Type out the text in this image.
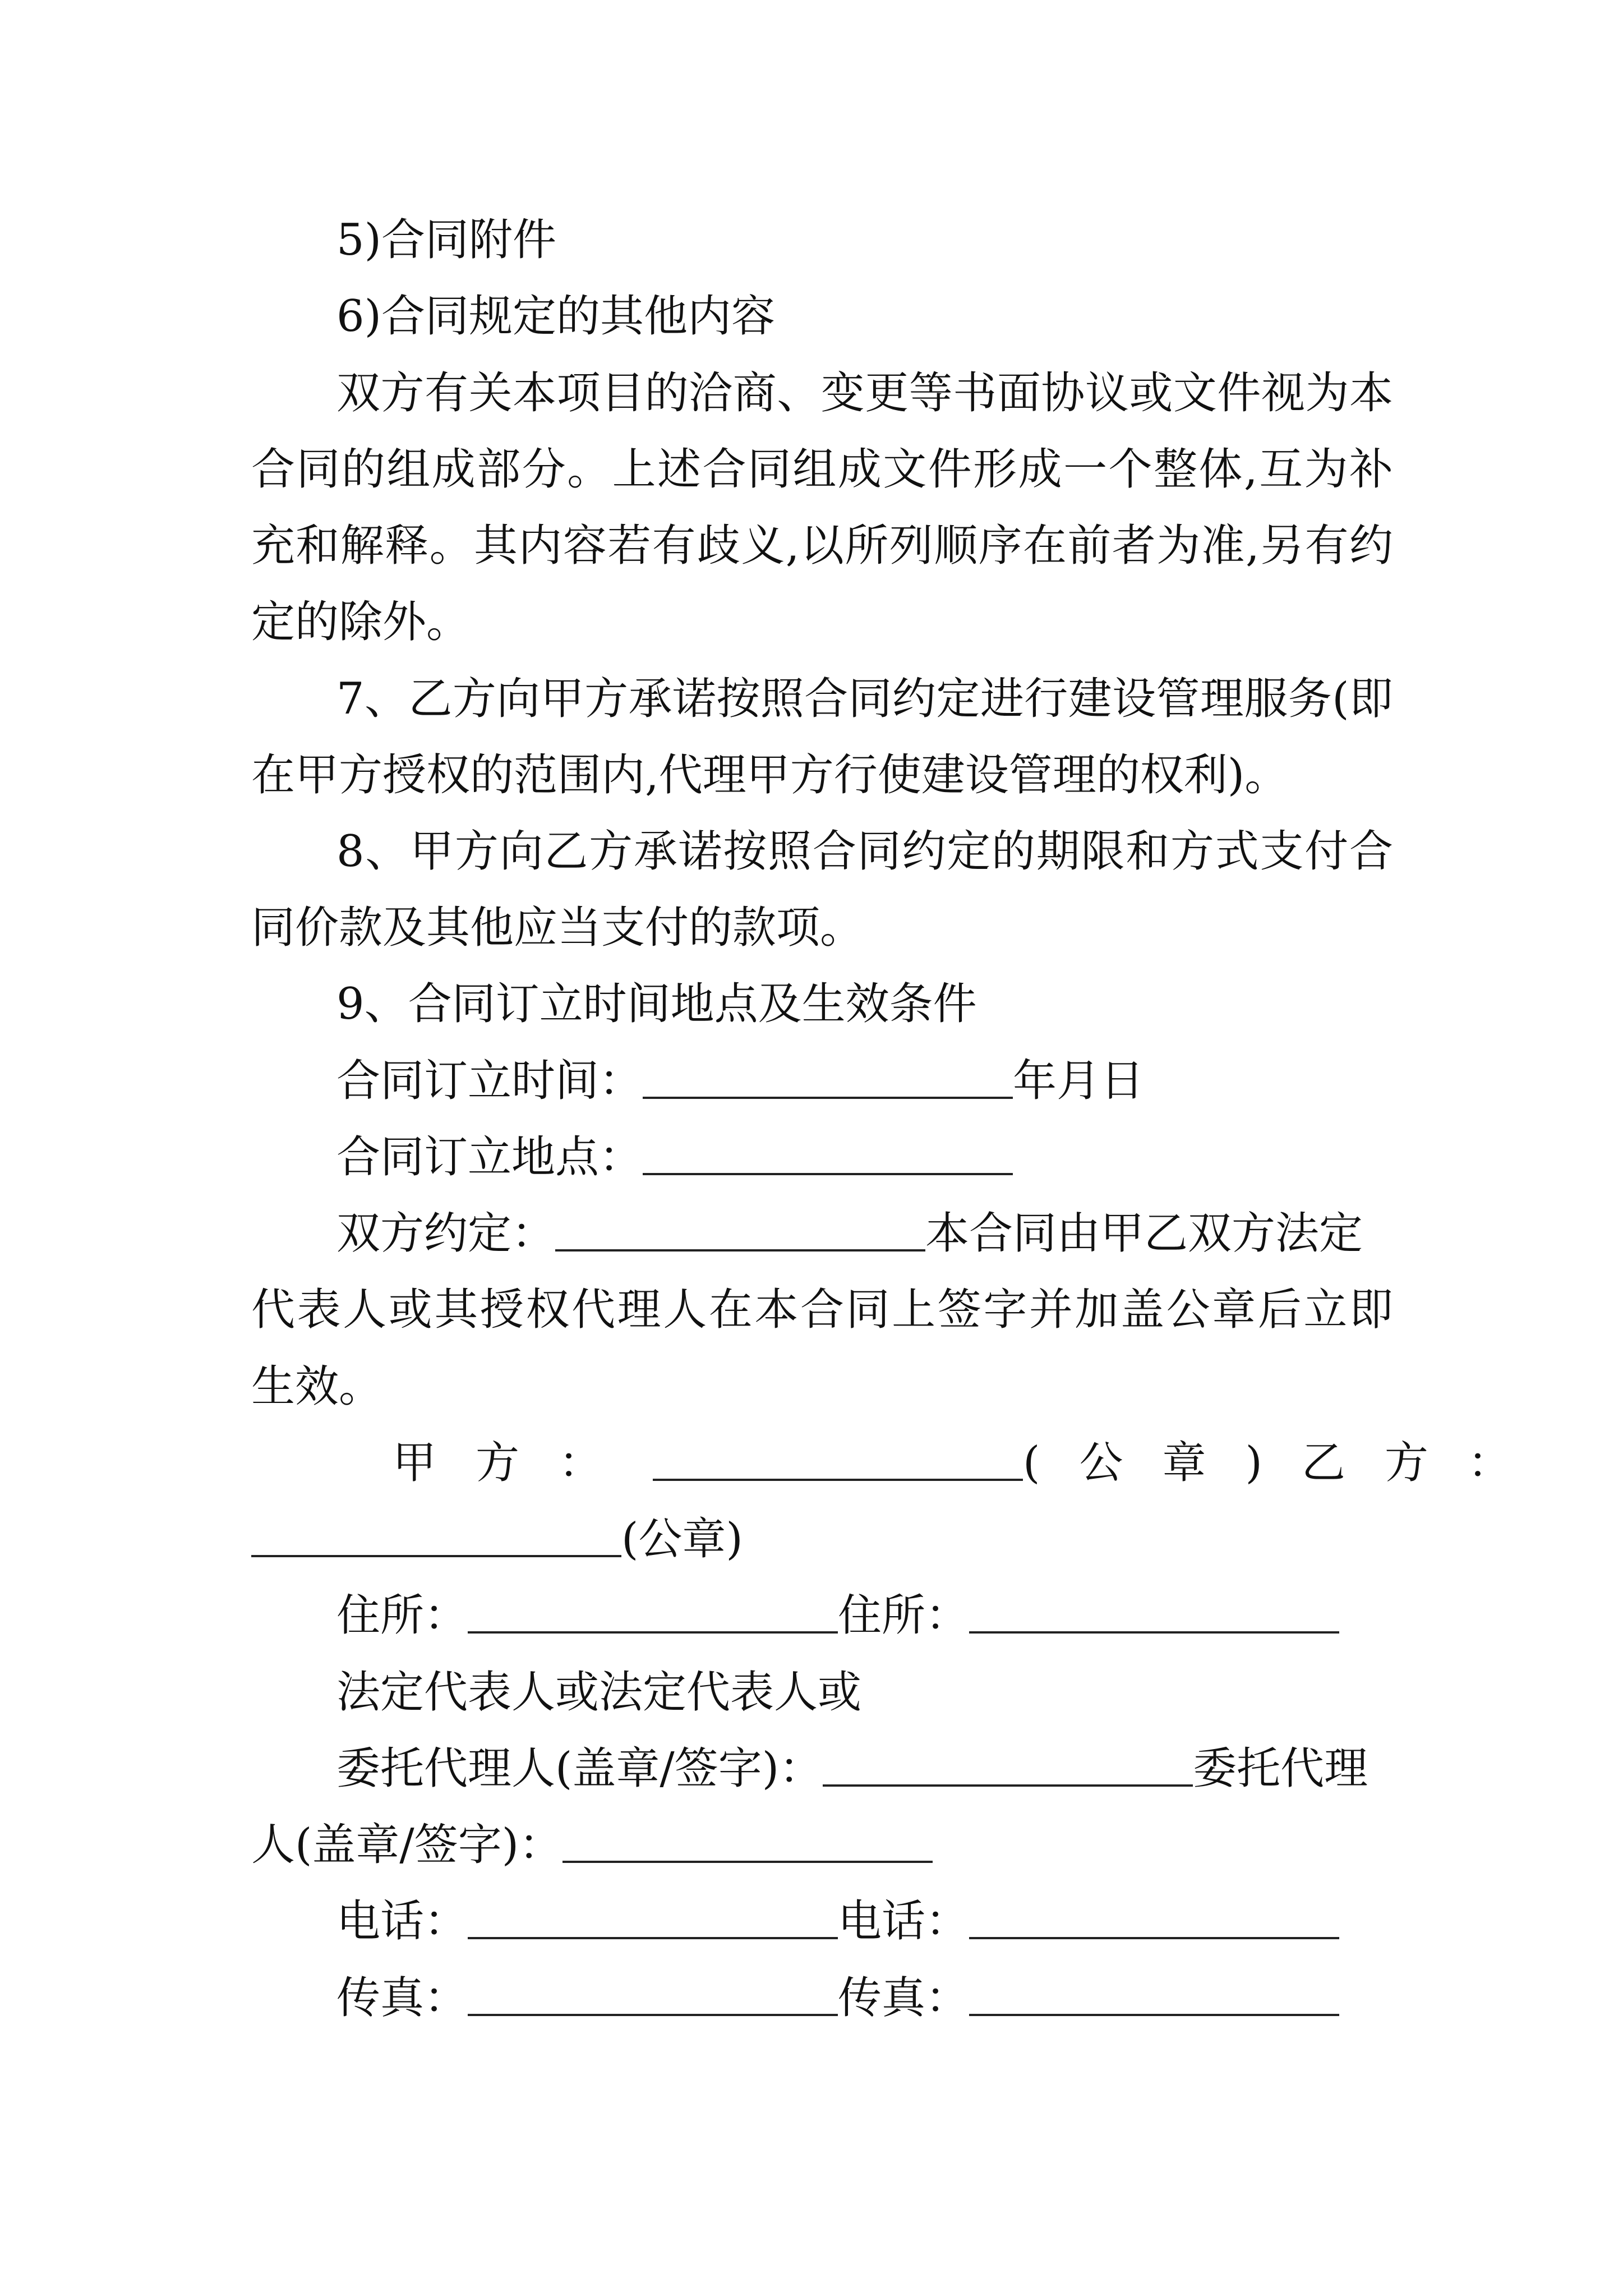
5)合同附件
6)合同规定的其他内容
双方有关本项目的洽商、变更等书面协议或文件视为本
合同的组成部分。上述合同组成文件形成一个整体,互为补
充和解释。其内容若有歧义,以所列顺序在前者为准,另有约
定的除外。
7、乙方向甲方承诺按照合同约定进行建设管理服务(即
在甲方授权的范围内,代理甲方行使建设管理的权利)。
8、甲方向乙方承诺按照合同约定的期限和方式支付合
同价款及其他应当支付的款项。
9、合同订立时间地点及生效条件
合同订立时间：	年月日
合同订立地点：
双方约定：	本合同由甲乙双方法定
代表人或其授权代理人在本合同上签字并加盖公章后立即
生效。
甲方：	(公章)乙方：
(公章)
住所：	住所：
法定代表人或法定代表人或
委托代理人(盖章/签字)：	委托代理
人(盖章/签字)：
电话：	电话：
传真：	传真：
